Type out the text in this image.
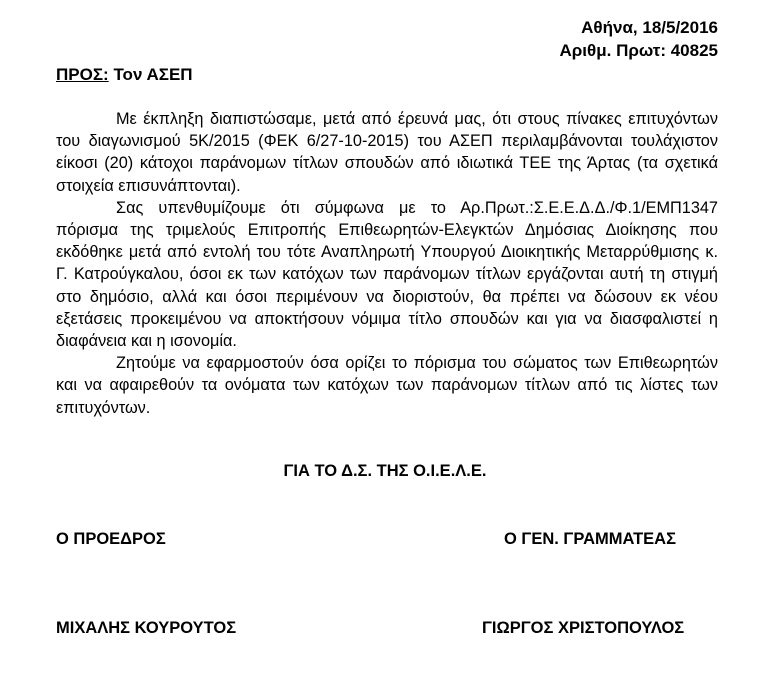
Αθήνα, 18/5/2016
Αριθμ. Πρωτ: 40825
ΠΡΟΣ: Τον ΑΣΕΠ

Με έκπληξη διαπιστώσαμε, μετά από έρευνά μας, ότι στους πίνακες επιτυχόντων του διαγωνισμού 5Κ/2015 (ΦΕΚ 6/27-10-2015) του ΑΣΕΠ περιλαμβάνονται τουλάχιστον είκοσι (20) κάτοχοι παράνομων τίτλων σπουδών από ιδιωτικά ΤΕΕ της Άρτας (τα σχετικά στοιχεία επισυνάπτονται).

Σας υπενθυμίζουμε ότι σύμφωνα με το Αρ.Πρωτ.:Σ.Ε.Ε.Δ.Δ./Φ.1/ΕΜΠ1347 πόρισμα της τριμελούς Επιτροπής Επιθεωρητών-Ελεγκτών Δημόσιας Διοίκησης που εκδόθηκε μετά από εντολή του τότε Αναπληρωτή Υπουργού Διοικητικής Μεταρρύθμισης κ. Γ. Κατρούγκαλου, όσοι εκ των κατόχων των παράνομων τίτλων εργάζονται αυτή τη στιγμή στο δημόσιο, αλλά και όσοι περιμένουν να διοριστούν, θα πρέπει να δώσουν εκ νέου εξετάσεις προκειμένου να αποκτήσουν νόμιμα τίτλο σπουδών και για να διασφαλιστεί η διαφάνεια και η ισονομία.

Ζητούμε να εφαρμοστούν όσα ορίζει το πόρισμα του σώματος των Επιθεωρητών και να αφαιρεθούν τα ονόματα των κατόχων των παράνομων τίτλων από τις λίστες των επιτυχόντων.

ΓΙΑ ΤΟ Δ.Σ. ΤΗΣ Ο.Ι.Ε.Λ.Ε.
Ο ΠΡΟΕΔΡΟΣ	Ο ΓΕΝ. ΓΡΑΜΜΑΤΕΑΣ
ΜΙΧΑΛΗΣ ΚΟΥΡΟΥΤΟΣ	ΓΙΩΡΓΟΣ ΧΡΙΣΤΟΠΟΥΛΟΣ
